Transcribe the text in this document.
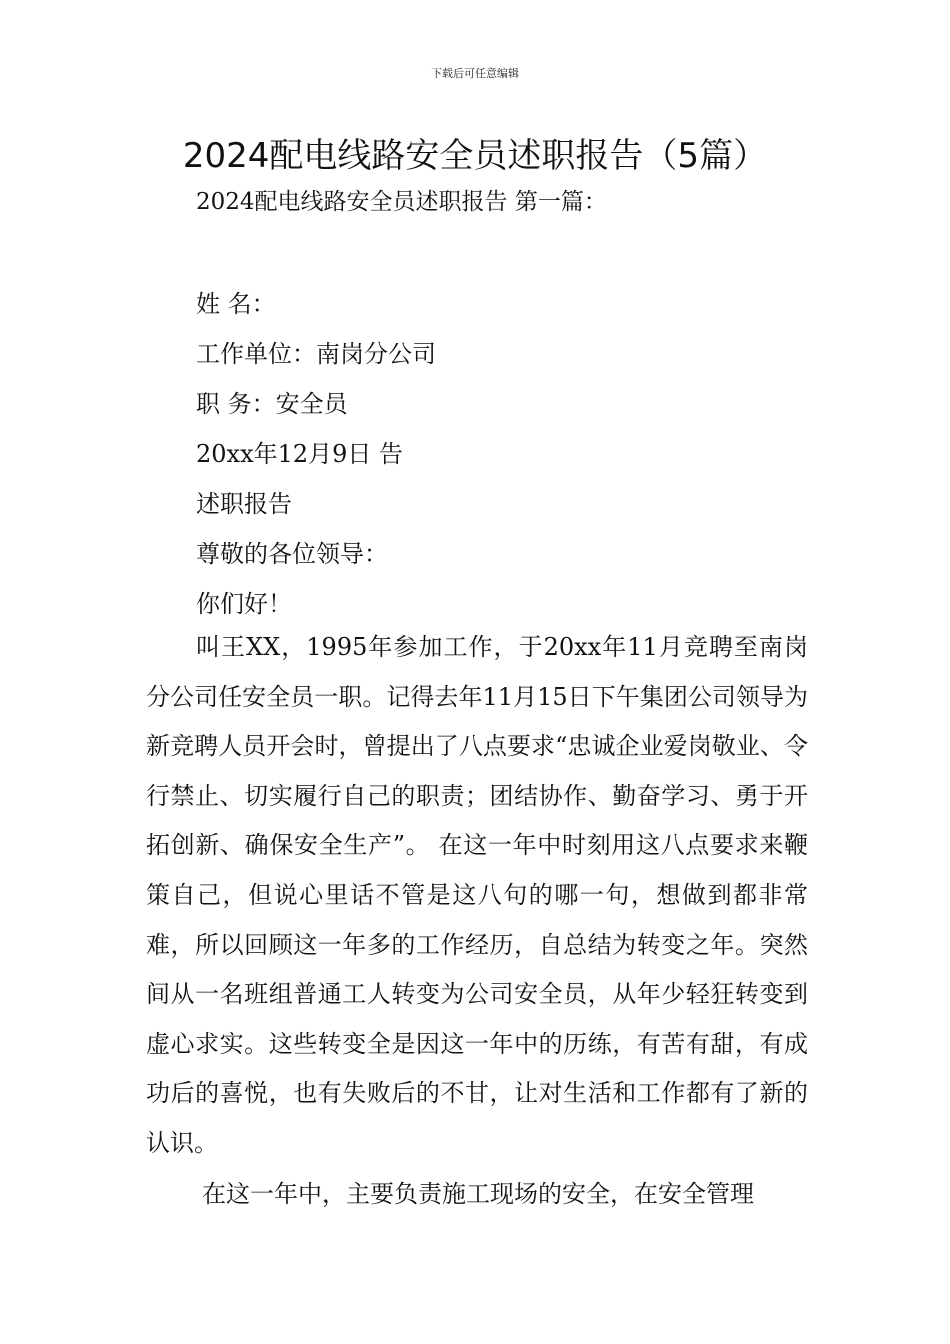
下载后可任意编辑
2024配电线路安全员述职报告（5篇）
2024配电线路安全员述职报告 第一篇：
姓 名：
工作单位：南岗分公司
职 务：安全员
20xx年12月9日 告
述职报告
尊敬的各位领导：
你们好！
叫王XX，1995年参加工作，于20xx年11月竞聘至南岗分公司任安全员一职。记得去年11月15日下午集团公司领导为新竞聘人员开会时，曾提出了八点要求“忠诚企业爱岗敬业、令行禁止、切实履行自己的职责；团结协作、勤奋学习、勇于开拓创新、确保安全生产”。 在这一年中时刻用这八点要求来鞭策自己，但说心里话不管是这八句的哪一句，想做到都非常难，所以回顾这一年多的工作经历，自总结为转变之年。突然间从一名班组普通工人转变为公司安全员，从年少轻狂转变到虚心求实。这些转变全是因这一年中的历练，有苦有甜，有成功后的喜悦，也有失败后的不甘，让对生活和工作都有了新的认识。
在这一年中，主要负责施工现场的安全，在安全管理
